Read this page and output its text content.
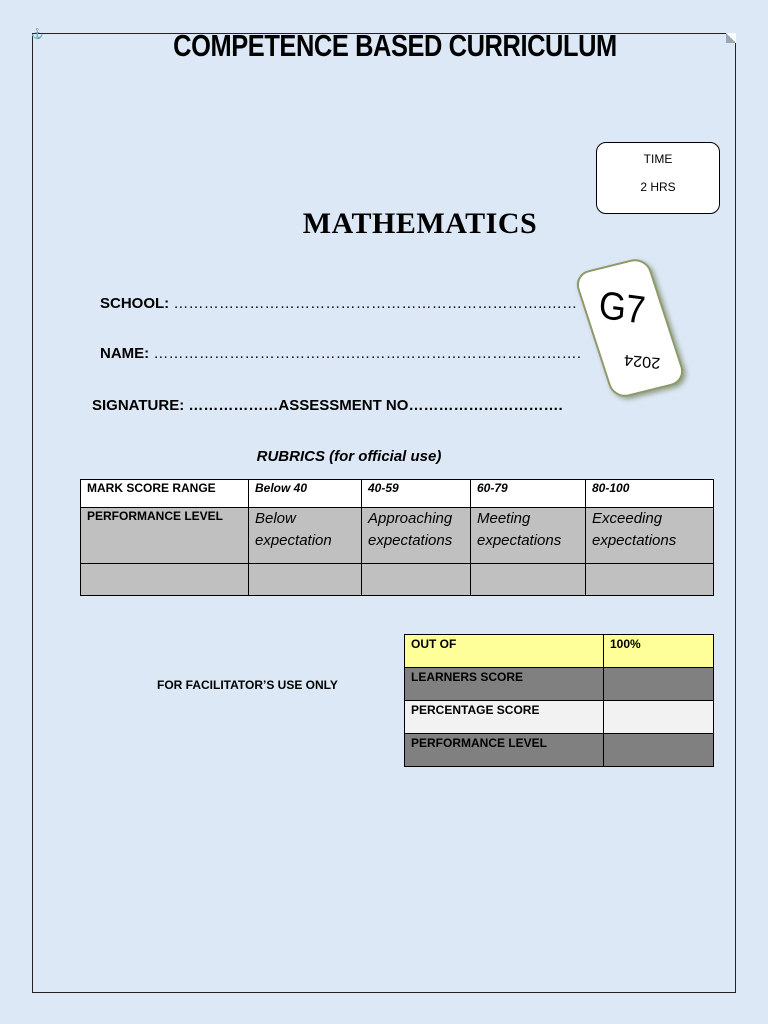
⚓	COMPETENCE BASED CURRICULUM
TIME
2 HRS
MATHEMATICS
G7
2024
SCHOOL: ………………………………………………………………..……
NAME: ………………………………….……………………………..……….
SIGNATURE: ………………ASSESSMENT NO………………………….
RUBRICS (for official use)
MARK SCORE RANGE	Below 40	40-59	60-79	80-100
PERFORMANCE LEVEL	Below expectation	Approaching expectations	Meeting expectations	Exceeding expectations

FOR FACILITATOR’S USE ONLY
OUT OF	100%
LEARNERS SCORE	
PERCENTAGE SCORE	
PERFORMANCE LEVEL	
